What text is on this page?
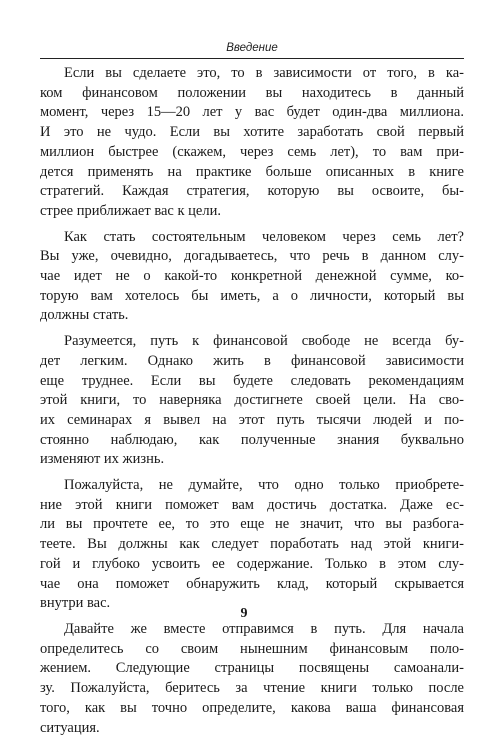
Введение
Если вы сделаете это, то в зависимости от того, в ка-
ком финансовом положении вы находитесь в данный
момент, через 15—20 лет у вас будет один-два миллиона.
И это не чудо. Если вы хотите заработать свой первый
миллион быстрее (скажем, через семь лет), то вам при-
дется применять на практике больше описанных в книге
стратегий. Каждая стратегия, которую вы освоите, бы-
стрее приближает вас к цели.
Как стать состоятельным человеком через семь лет?
Вы уже, очевидно, догадываетесь, что речь в данном слу-
чае идет не о какой-то конкретной денежной сумме, ко-
торую вам хотелось бы иметь, а о личности, который вы
должны стать.
Разумеется, путь к финансовой свободе не всегда бу-
дет легким. Однако жить в финансовой зависимости
еще труднее. Если вы будете следовать рекомендациям
этой книги, то наверняка достигнете своей цели. На сво-
их семинарах я вывел на этот путь тысячи людей и по-
стоянно наблюдаю, как полученные знания буквально
изменяют их жизнь.
Пожалуйста, не думайте, что одно только приобрете-
ние этой книги поможет вам достичь достатка. Даже ес-
ли вы прочтете ее, то это еще не значит, что вы разбога-
теете. Вы должны как следует поработать над этой книги-
гой и глубоко усвоить ее содержание. Только в этом слу-
чае она поможет обнаружить клад, который скрывается
внутри вас.
Давайте же вместе отправимся в путь. Для начала
определитесь со своим нынешним финансовым поло-
жением. Следующие страницы посвящены самоанали-
зу. Пожалуйста, беритесь за чтение книги только после
того, как вы точно определите, какова ваша финансовая
ситуация.
9
